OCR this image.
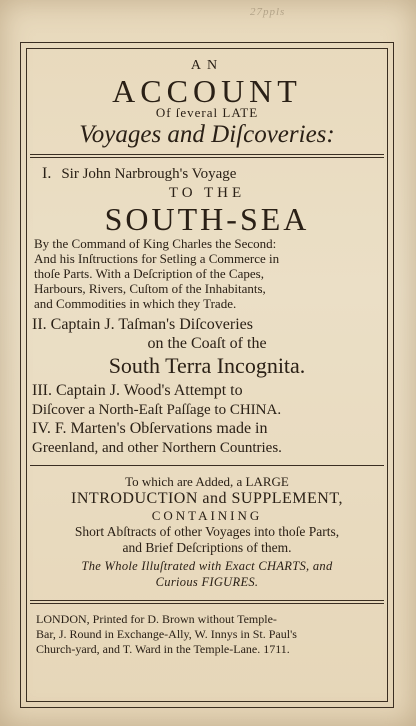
27ppls
AN
ACCOUNT
Of ſeveral LATE
Voyages and Diſcoveries:
I. Sir John Narbrough's Voyage
TO THE
SOUTH-SEA
By the Command of King Charles the Second:
And his Inſtructions for Setling a Commerce in
thoſe Parts. With a Deſcription of the Capes,
Harbours, Rivers, Cuſtom of the Inhabitants,
and Commodities in which they Trade.
II. Captain J. Taſman's Diſcoveries
on the Coaſt of the
South Terra Incognita.
III. Captain J. Wood's Attempt to
Diſcover a North-Eaſt Paſſage to CHINA.
IV. F. Marten's Obſervations made in
Greenland, and other Northern Countries.
To which are Added, a LARGE
INTRODUCTION and SUPPLEMENT,
CONTAINING
Short Abſtracts of other Voyages into thoſe Parts,
and Brief Deſcriptions of them.
The Whole Illuſtrated with Exact CHARTS, and
Curious FIGURES.
LONDON, Printed for D. Brown without Temple-
Bar, J. Round in Exchange-Ally, W. Innys in St. Paul's
Church-yard, and T. Ward in the Temple-Lane. 1711.
